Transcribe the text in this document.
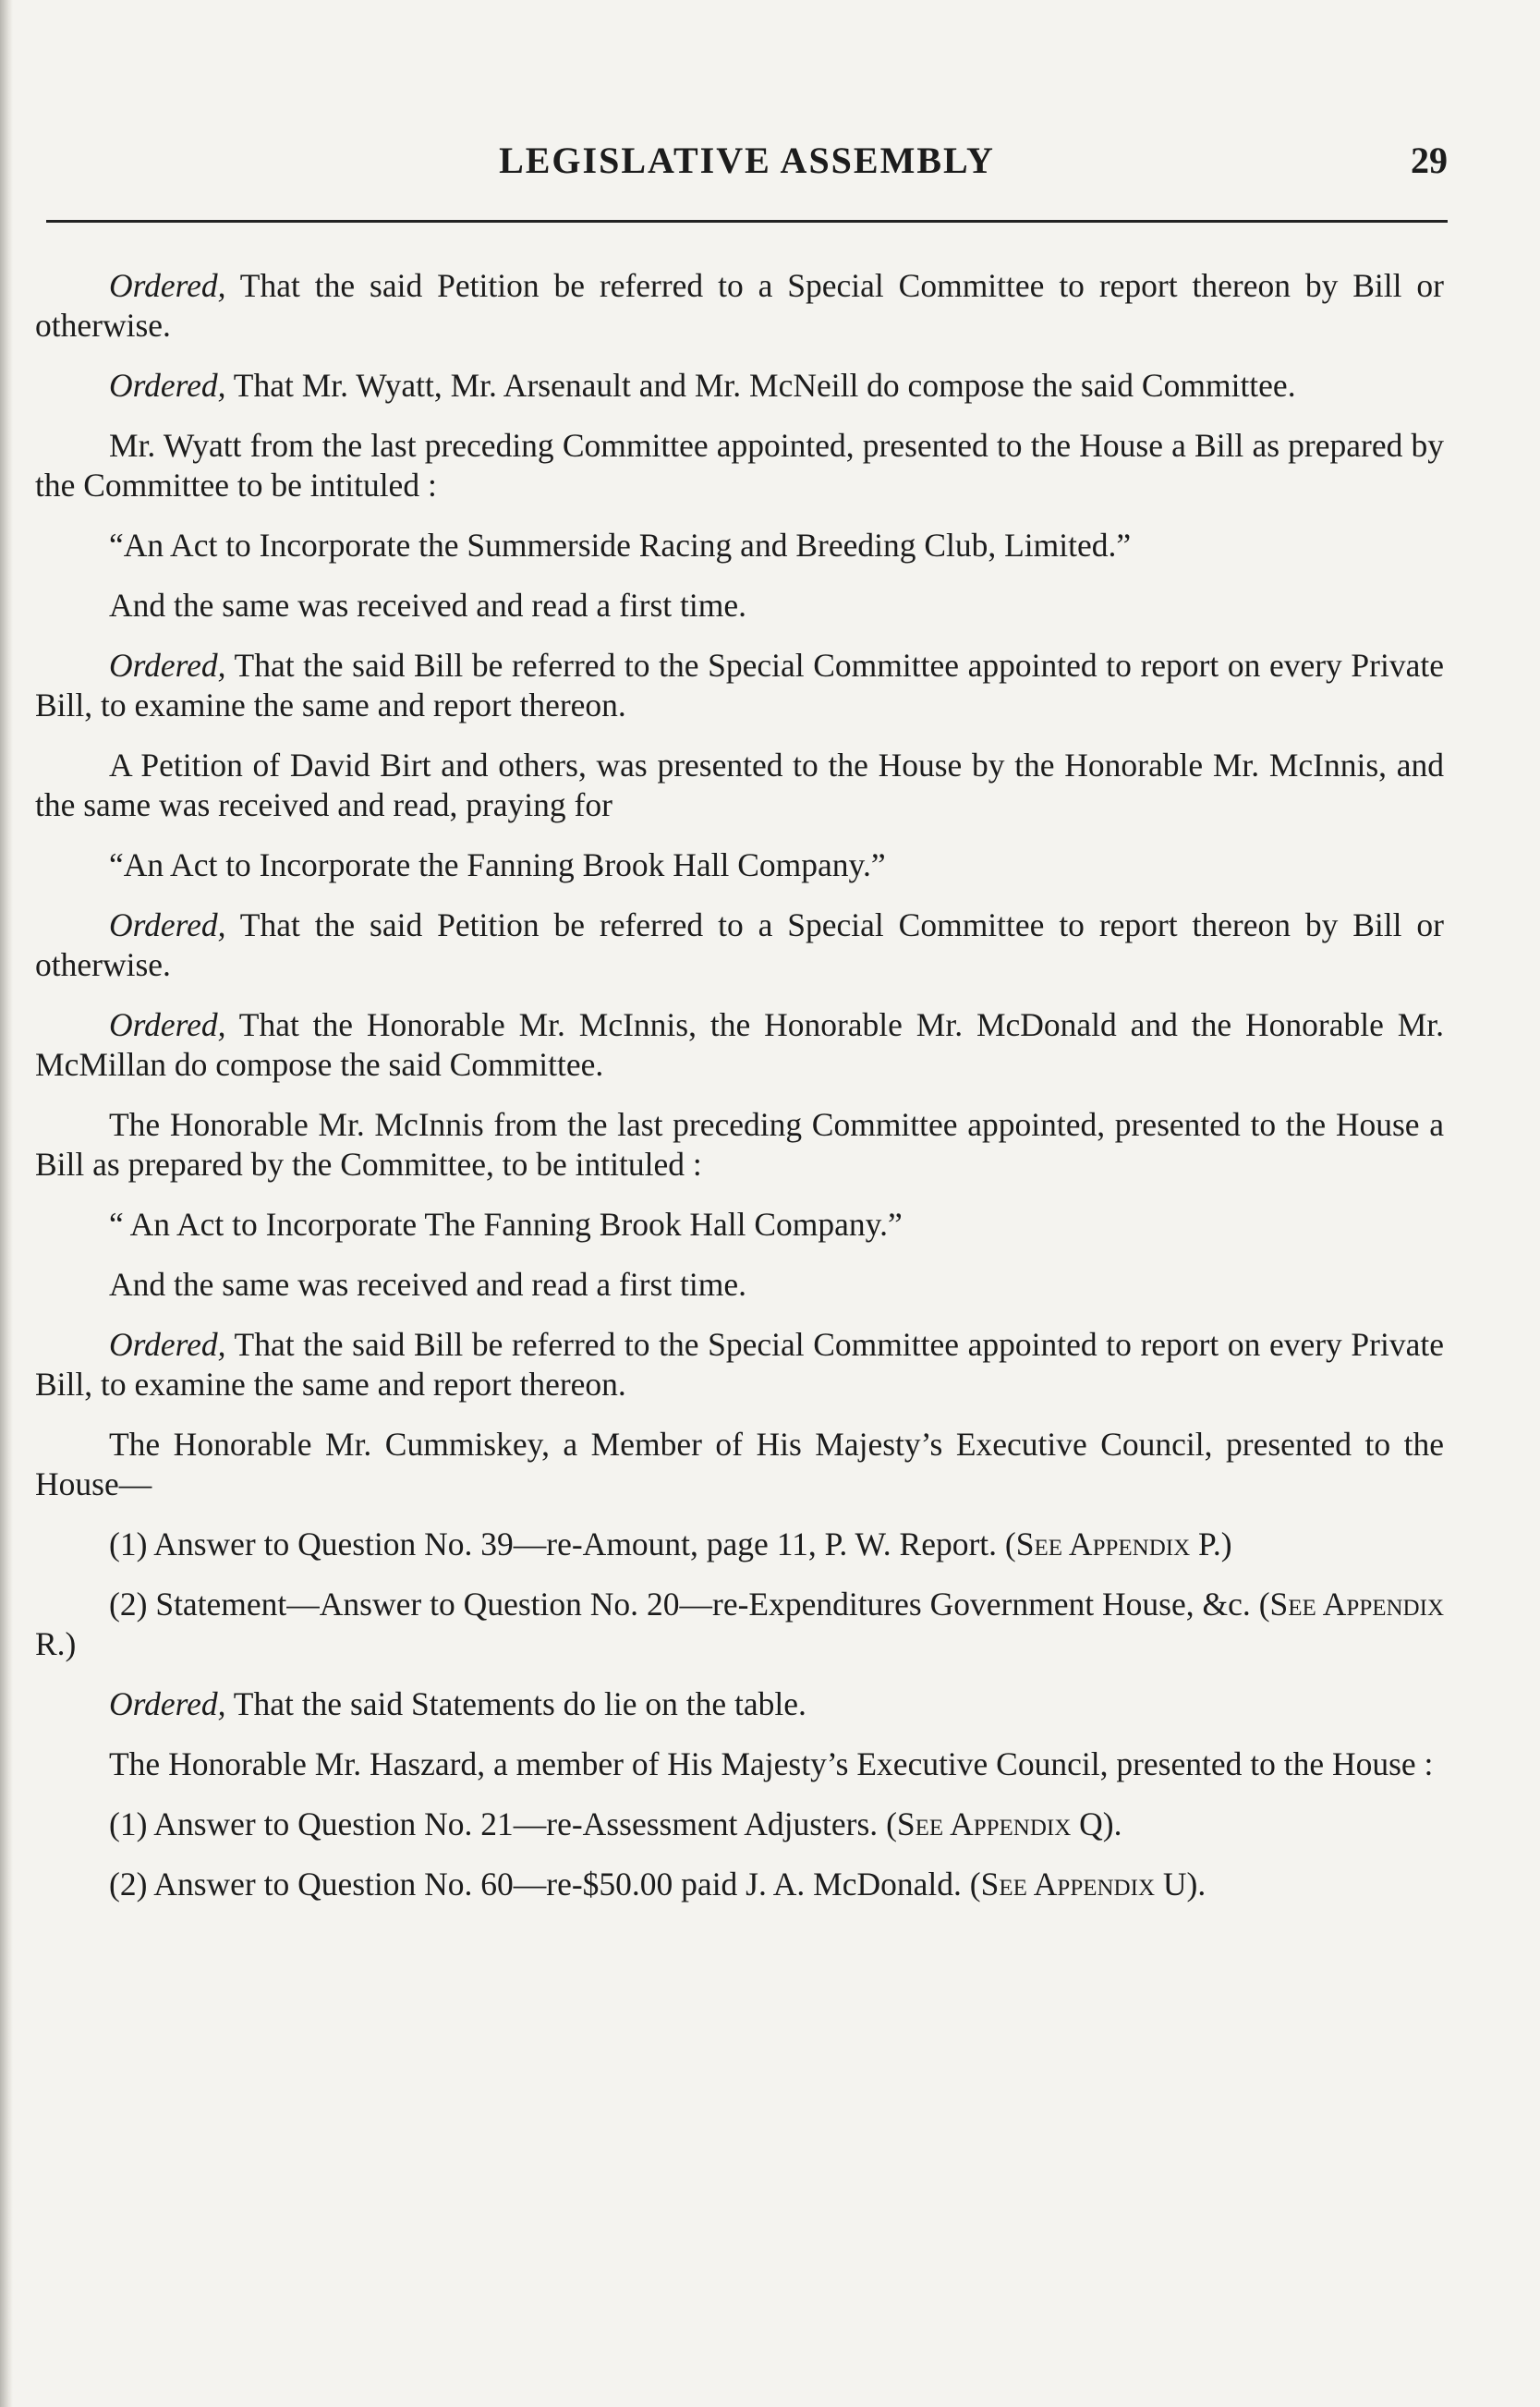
LEGISLATIVE ASSEMBLY	29

Ordered, That the said Petition be referred to a Special Committee to report thereon by Bill or otherwise.

Ordered, That Mr. Wyatt, Mr. Arsenault and Mr. McNeill do compose the said Committee.

Mr. Wyatt from the last preceding Committee appointed, presented to the House a Bill as prepared by the Committee to be intituled :

“An Act to Incorporate the Summerside Racing and Breeding Club, Limited.”

And the same was received and read a first time.

Ordered, That the said Bill be referred to the Special Committee appointed to report on every Private Bill, to examine the same and report thereon.

A Petition of David Birt and others, was presented to the House by the Honorable Mr. McInnis, and the same was received and read, praying for

“An Act to Incorporate the Fanning Brook Hall Company.”

Ordered, That the said Petition be referred to a Special Committee to report thereon by Bill or otherwise.

Ordered, That the Honorable Mr. McInnis, the Honorable Mr. McDonald and the Honorable Mr. McMillan do compose the said Committee.

The Honorable Mr. McInnis from the last preceding Committee appointed, presented to the House a Bill as prepared by the Committee, to be intituled :

“ An Act to Incorporate The Fanning Brook Hall Company.”

And the same was received and read a first time.

Ordered, That the said Bill be referred to the Special Committee appointed to report on every Private Bill, to examine the same and report thereon.

The Honorable Mr. Cummiskey, a Member of His Majesty’s Executive Council, presented to the House—

(1) Answer to Question No. 39—re-Amount, page 11, P. W. Report. (See Appendix P.)

(2) Statement—Answer to Question No. 20—re-Expenditures Government House, &c. (See Appendix R.)

Ordered, That the said Statements do lie on the table.

The Honorable Mr. Haszard, a member of His Majesty’s Executive Council, presented to the House :

(1) Answer to Question No. 21—re-Assessment Adjusters. (See Appendix Q).

(2) Answer to Question No. 60—re-$50.00 paid J. A. McDonald. (See Appendix U).
